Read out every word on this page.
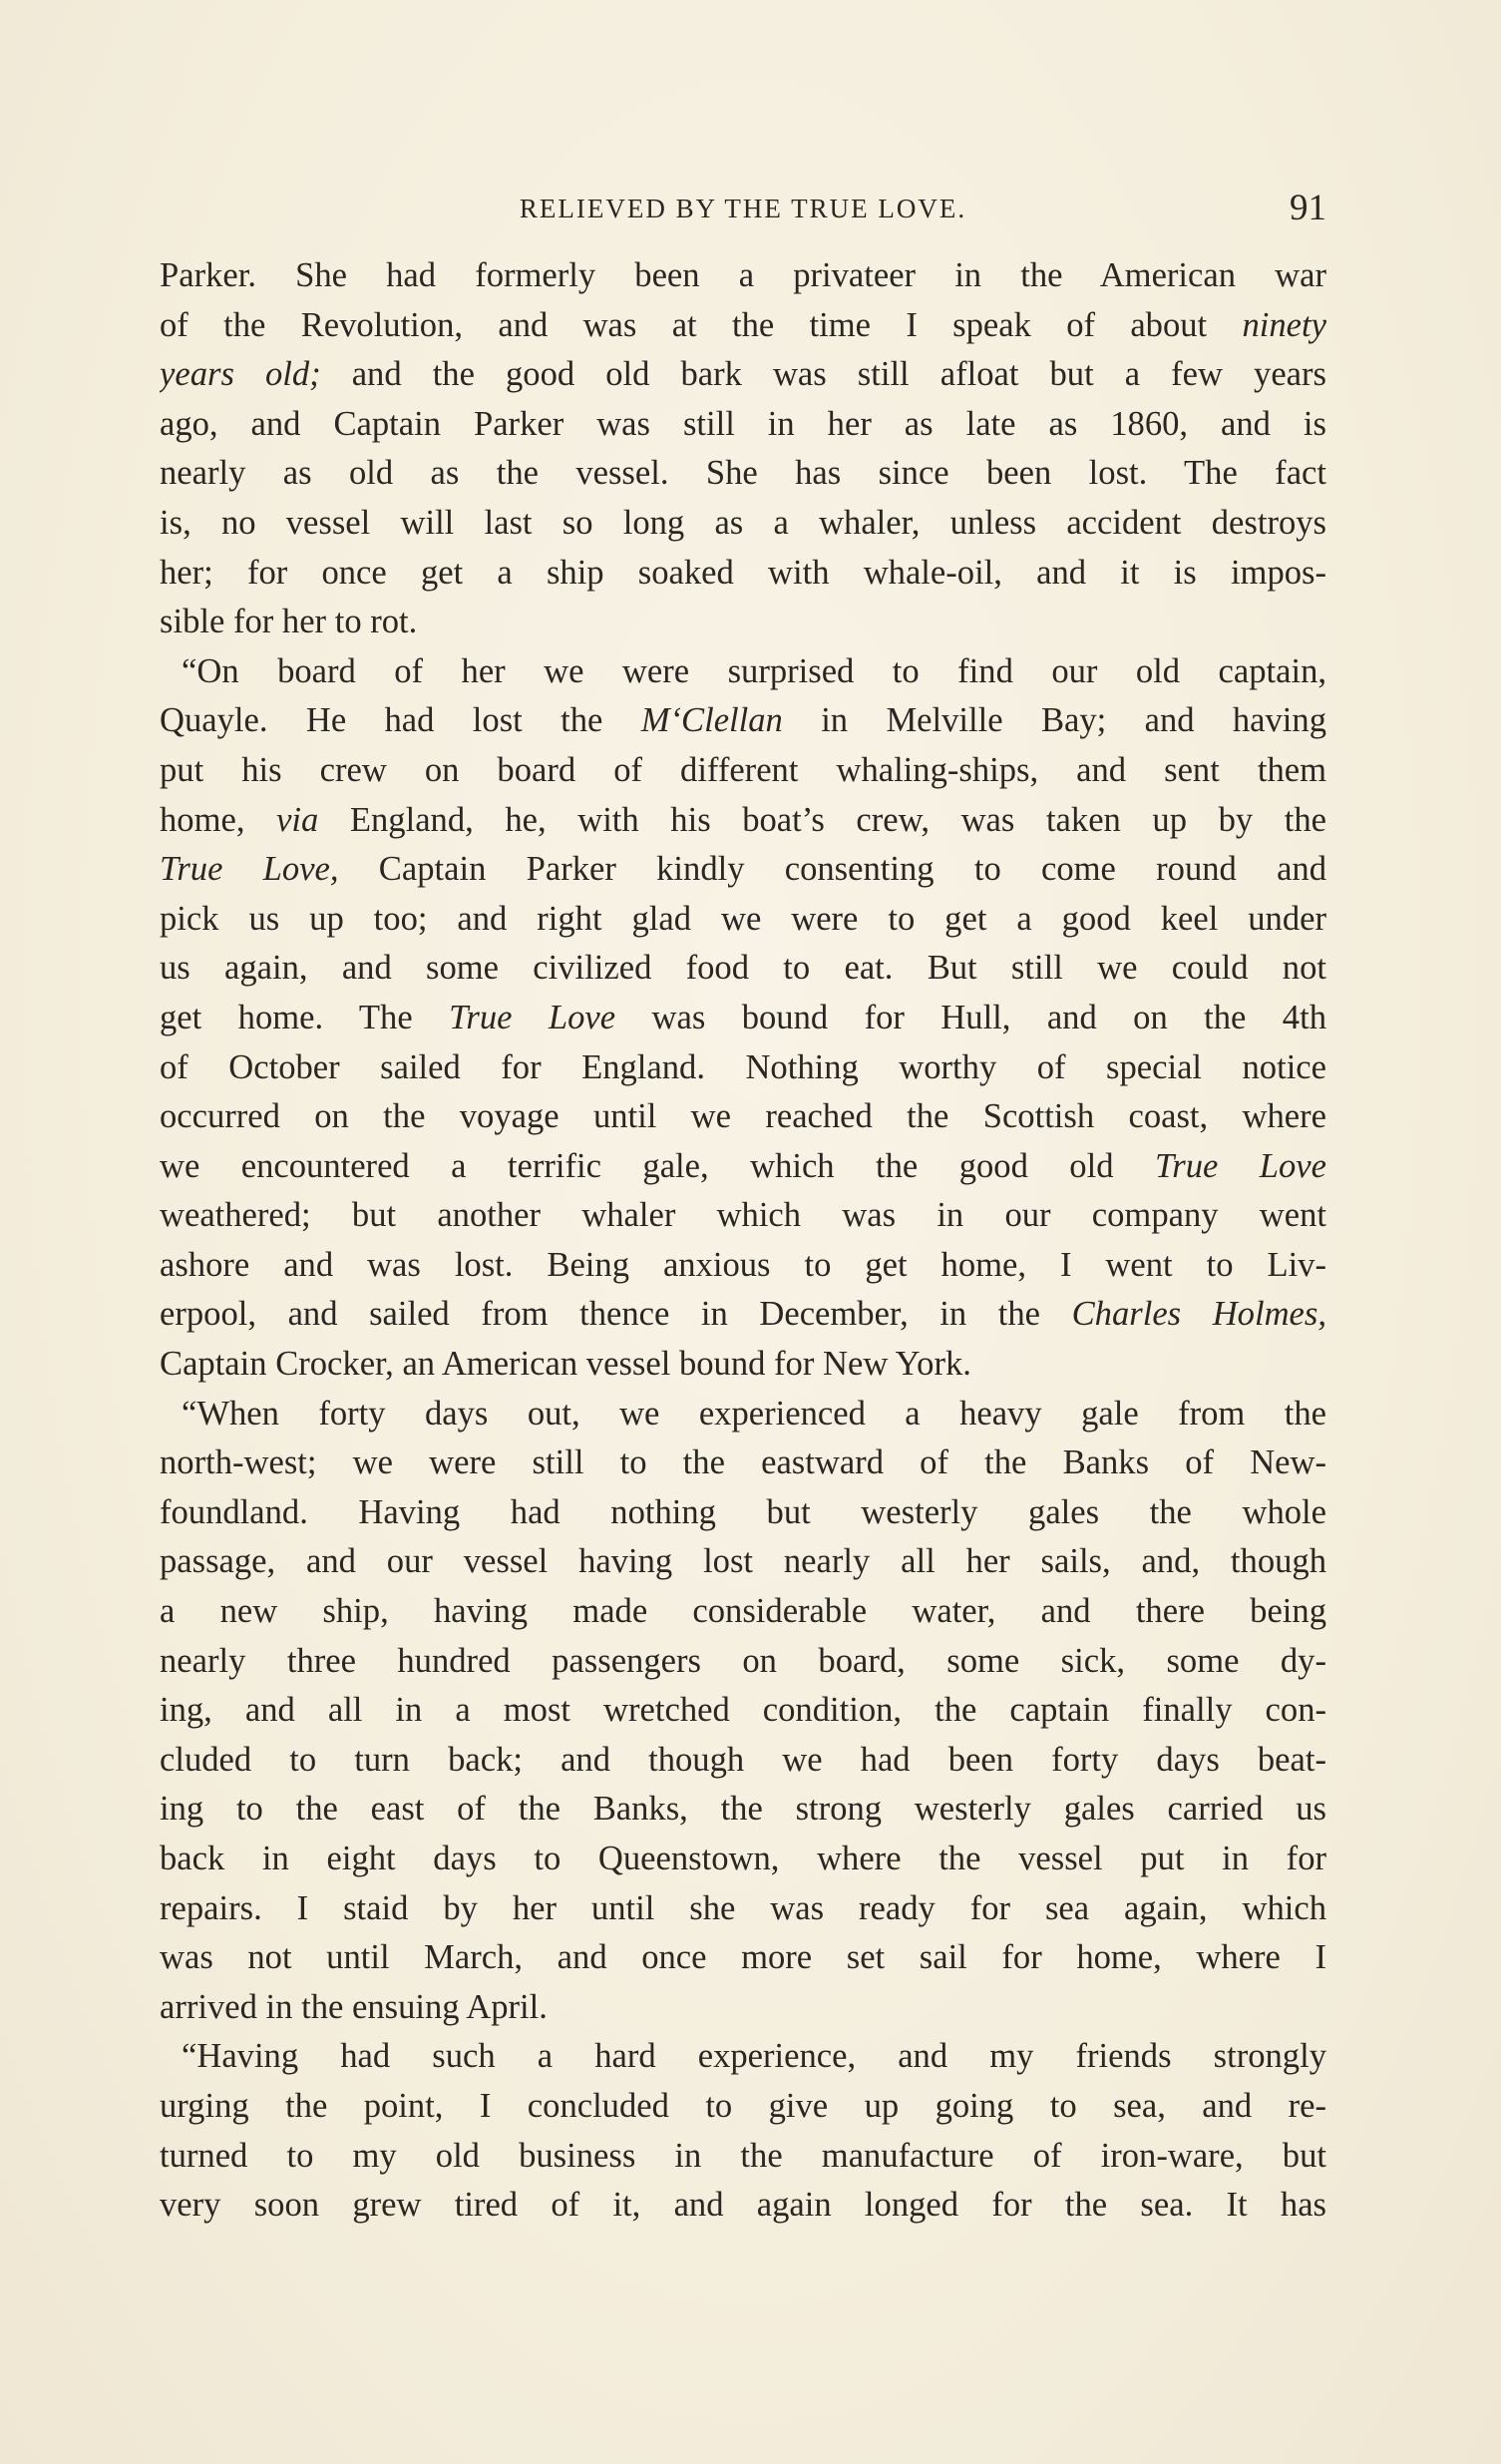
RELIEVED BY THE TRUE LOVE.	91
Parker. She had formerly been a privateer in the American war
of the Revolution, and was at the time I speak of about ninety
years old; and the good old bark was still afloat but a few years
ago, and Captain Parker was still in her as late as 1860, and is
nearly as old as the vessel. She has since been lost. The fact
is, no vessel will last so long as a whaler, unless accident destroys
her; for once get a ship soaked with whale-oil, and it is impos-
sible for her to rot.
“On board of her we were surprised to find our old captain,
Quayle. He had lost the M‘Clellan in Melville Bay; and having
put his crew on board of different whaling-ships, and sent them
home, via England, he, with his boat’s crew, was taken up by the
True Love, Captain Parker kindly consenting to come round and
pick us up too; and right glad we were to get a good keel under
us again, and some civilized food to eat. But still we could not
get home. The True Love was bound for Hull, and on the 4th
of October sailed for England. Nothing worthy of special notice
occurred on the voyage until we reached the Scottish coast, where
we encountered a terrific gale, which the good old True Love
weathered; but another whaler which was in our company went
ashore and was lost. Being anxious to get home, I went to Liv-
erpool, and sailed from thence in December, in the Charles Holmes,
Captain Crocker, an American vessel bound for New York.
“When forty days out, we experienced a heavy gale from the
north-west; we were still to the eastward of the Banks of New-
foundland. Having had nothing but westerly gales the whole
passage, and our vessel having lost nearly all her sails, and, though
a new ship, having made considerable water, and there being
nearly three hundred passengers on board, some sick, some dy-
ing, and all in a most wretched condition, the captain finally con-
cluded to turn back; and though we had been forty days beat-
ing to the east of the Banks, the strong westerly gales carried us
back in eight days to Queenstown, where the vessel put in for
repairs. I staid by her until she was ready for sea again, which
was not until March, and once more set sail for home, where I
arrived in the ensuing April.
“Having had such a hard experience, and my friends strongly
urging the point, I concluded to give up going to sea, and re-
turned to my old business in the manufacture of iron-ware, but
very soon grew tired of it, and again longed for the sea. It has
